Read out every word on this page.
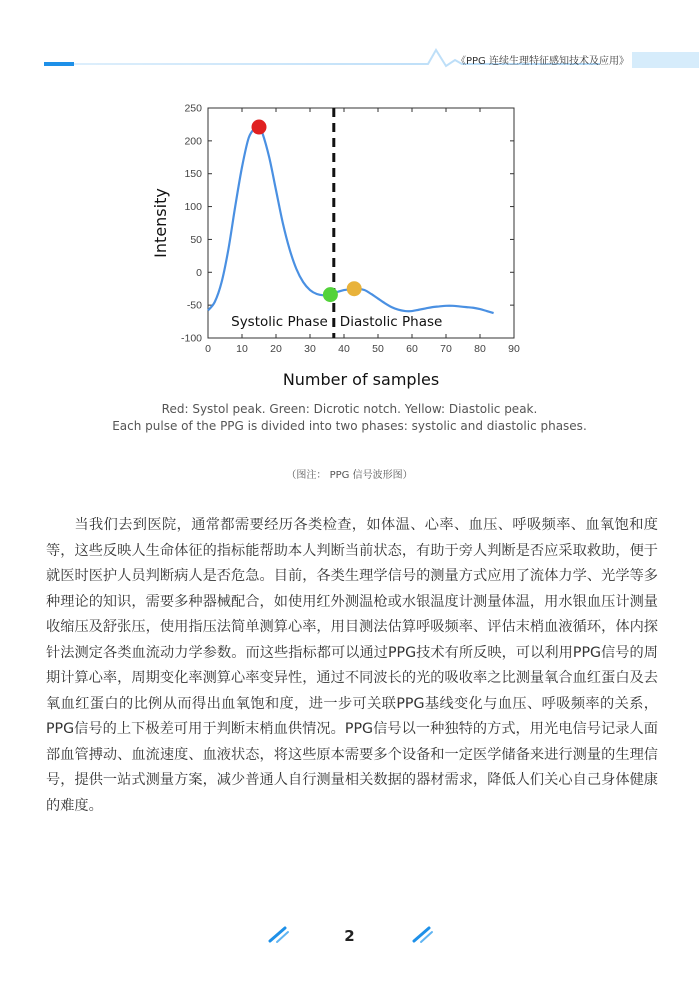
《PPG 连续生理特征感知技术及应用》
-100
-50
0
50
100
150
200
250
0 10 20 30 40 50 60 70 80 90
Number of samples
Intensity
Systolic Phase Diastolic Phase
Red: Systol peak. Green: Dicrotic notch. Yellow: Diastolic peak.
Each pulse of the PPG is divided into two phases: systolic and diastolic phases.
（图注： PPG 信号波形图）
当我们去到医院，通常都需要经历各类检查，如体温、心率、血压、呼吸频率、血氧饱和度等，这些反映人生命体征的指标能帮助本人判断当前状态，有助于旁人判断是否应采取救助，便于就医时医护人员判断病人是否危急。目前，各类生理学信号的测量方式应用了流体力学、光学等多种理论的知识，需要多种器械配合，如使用红外测温枪或水银温度计测量体温，用水银血压计测量收缩压及舒张压，使用指压法简单测算心率，用目测法估算呼吸频率、评估末梢血液循环，体内探针法测定各类血流动力学参数。而这些指标都可以通过PPG技术有所反映，可以利用PPG信号的周期计算心率，周期变化率测算心率变异性，通过不同波长的光的吸收率之比测量氧合血红蛋白及去氧血红蛋白的比例从而得出血氧饱和度，进一步可关联PPG基线变化与血压、呼吸频率的关系，PPG信号的上下极差可用于判断末梢血供情况。PPG信号以一种独特的方式，用光电信号记录人面部血管搏动、血流速度、血液状态，将这些原本需要多个设备和一定医学储备来进行测量的生理信号，提供一站式测量方案，减少普通人自行测量相关数据的器材需求，降低人们关心自己身体健康的难度。
2
